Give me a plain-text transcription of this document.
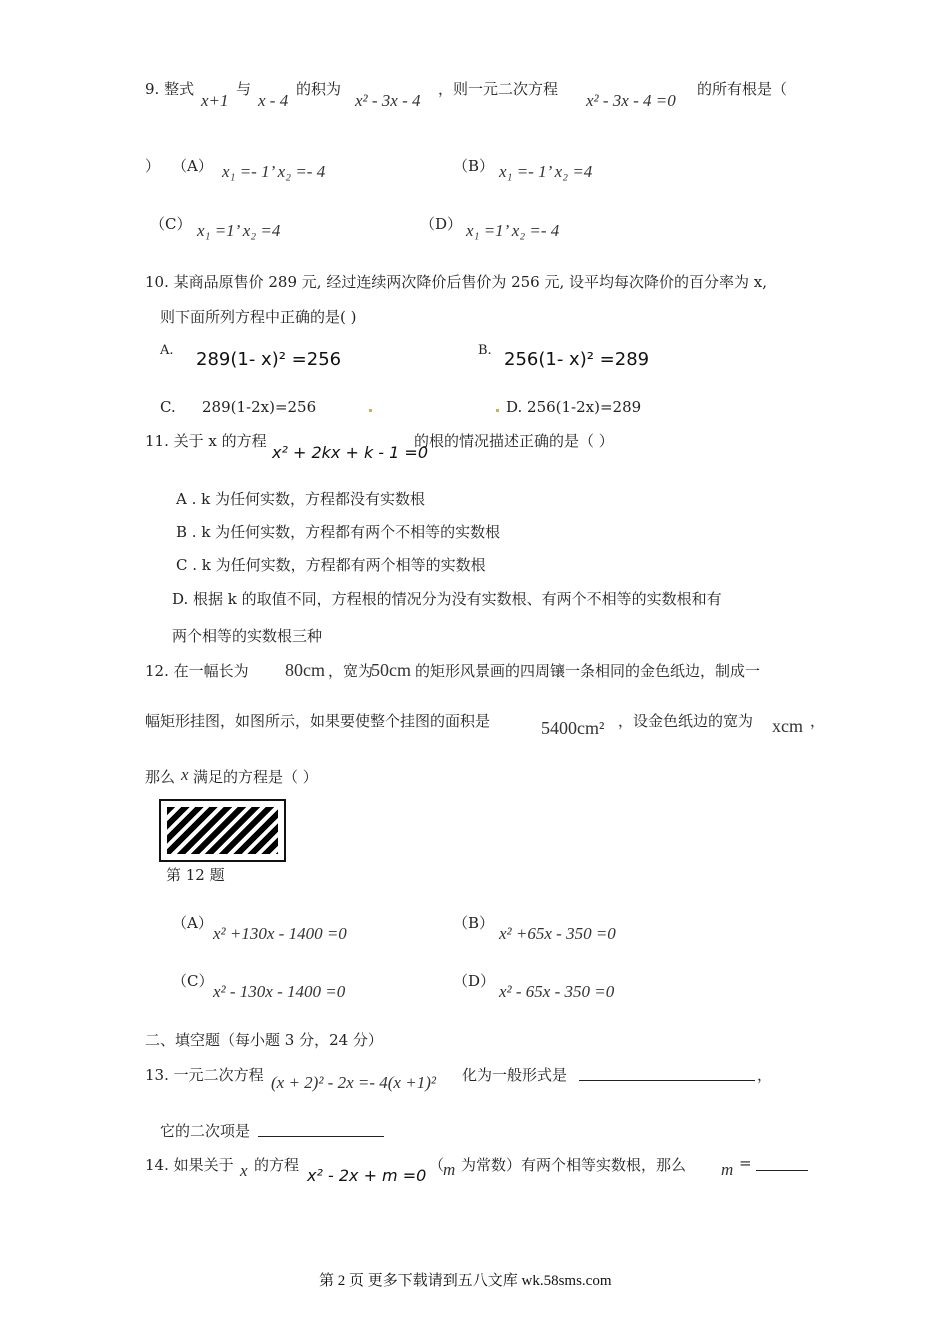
9. 整式
x+1
与
x - 4
的积为
x² - 3x - 4
，则一元二次方程
x² - 3x - 4 =0
的所有根是（
） （A） x₁ =- 1’ x₂ =- 4	（B） x₁ =- 1’ x₂ =4
（C） x₁ =1’ x₂ =4	（D） x₁ =1’ x₂ =- 4
10. 某商品原售价 289 元, 经过连续两次降价后售价为 256 元, 设平均每次降价的百分率为 x,
则下面所列方程中正确的是( )
A. 289(1- x)² =256	B. 256(1- x)² =289
C. 289(1-2x)=256	D. 256(1-2x)=289
11. 关于 x 的方程
x² + 2kx + k - 1 =0
的根的情况描述正确的是（ ）
A . k 为任何实数，方程都没有实数根
B . k 为任何实数，方程都有两个不相等的实数根
C . k 为任何实数，方程都有两个相等的实数根
D. 根据 k 的取值不同，方程根的情况分为没有实数根、有两个不相等的实数根和有
两个相等的实数根三种
12. 在一幅长为 80cm ，宽为
50cm 的矩形风景画的四周镶一条相同的金色纸边，制成一
幅矩形挂图，如图所示，如果要使整个挂图的面积是	5400cm² ，设金色纸边的宽为 xcm ，
那么 x 满足的方程是（ ）
第 12 题
（A）
x² +130x - 1400 =0
（B）
x² +65x - 350 =0
（C）
x² - 130x - 1400 =0
（D）
x² - 65x - 350 =0
二、填空题（每小题 3 分，24 分）
13. 一元二次方程 (x + 2)² - 2x =- 4(x +1)² 化为一般形式是	，
它的二次项是
14. 如果关于 x 的方程
x² - 2x + m =0
（
m 为常数）有两个相等实数根，那么 m =
第 2 页 更多下载请到五八文库 wk.58sms.com
